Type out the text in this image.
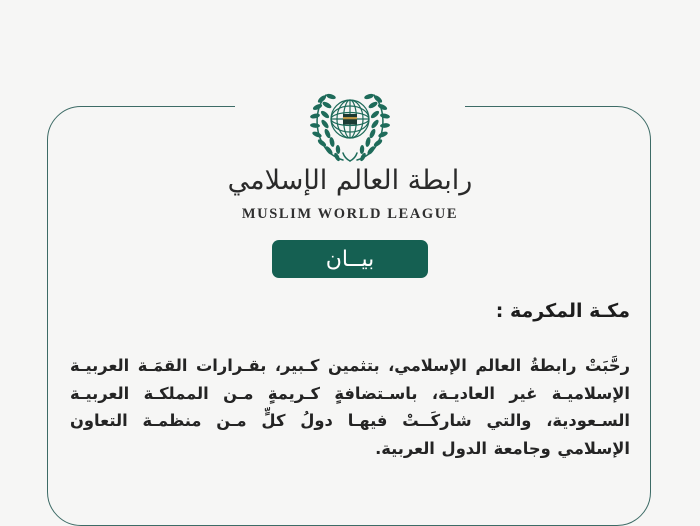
رابطة العالم الإسلامي
MUSLIM WORLD LEAGUE
بيــان
مكـة المكرمة :
رحَّبَتْ رابطةُ العالم الإسلامي، بتثمين كـبير، بقـرارات القمَـة العربيـة الإسلاميـة غير العاديـة، باسـتضافةٍ كـريمةٍ مـن المملكـة العربيـة السـعودية، والتي شاركَــتْ فيهـا دولُ كلٍّ مـن منظمـة التعاون الإسلامي وجامعة الدول العربية.
